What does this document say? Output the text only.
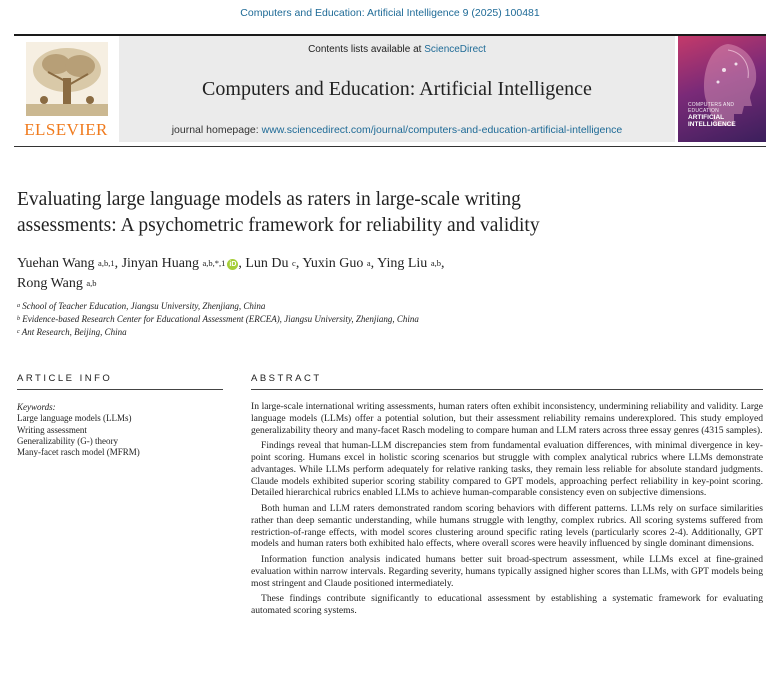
Computers and Education: Artificial Intelligence 9 (2025) 100481
ELSEVIER
Contents lists available at ScienceDirect
Computers and Education: Artificial Intelligence
journal homepage: www.sciencedirect.com/journal/computers-and-education-artificial-intelligence
COMPUTERS AND EDUCATION
ARTIFICIAL INTELLIGENCE
Evaluating large language models as raters in large-scale writing
assessments: A psychometric framework for reliability and validity
Yuehan Wang $^{a,b,1}$, Jinyan Huang $^{a,b,*,1}$ iD , Lun Du $^c$, Yuxin Guo $^a$, Ying Liu $^{a,b}$,
Rong Wang $^{a,b}$
$^a$ School of Teacher Education, Jiangsu University, Zhenjiang, China
$^b$ Evidence-based Research Center for Educational Assessment (ERCEA), Jiangsu University, Zhenjiang, China
$^c$ Ant Research, Beijing, China
ARTICLE INFO	ABSTRACT
Keywords:
Large language models (LLMs)
Writing assessment
Generalizability (G-) theory
Many-facet rasch model (MFRM)

In large-scale international writing assessments, human raters often exhibit inconsistency, undermining reliability and validity. Large language models (LLMs) offer a potential solution, but their assessment reliability remains underexplored. This study employed generalizability theory and many-facet Rasch modeling to compare human and LLM raters across three essay genres (4315 samples).

Findings reveal that human-LLM discrepancies stem from fundamental evaluation differences, with minimal divergence in key-point scoring. Humans excel in holistic scoring scenarios but struggle with complex analytical rubrics where LLMs demonstrate advantages. While LLMs perform adequately for relative ranking tasks, they remain less reliable for absolute standard judgments. Claude models exhibited superior scoring stability compared to GPT models, approaching perfect reliability in key-point scoring. Detailed hierarchical rubrics enabled LLMs to achieve human-comparable consistency even on subjective dimensions.

Both human and LLM raters demonstrated random scoring behaviors with different patterns. LLMs rely on surface similarities rather than deep semantic understanding, while humans struggle with lengthy, complex rubrics. All scoring systems suffered from restriction-of-range effects, with model scores clustering around specific rating levels (particularly scores 2-4). Additionally, GPT models and human raters both exhibited halo effects, where overall scores were heavily influenced by single dominant dimensions.

Information function analysis indicated humans better suit broad-spectrum assessment, while LLMs excel at fine-grained evaluation within narrow intervals. Regarding severity, humans typically assigned higher scores than LLMs, with GPT models being most stringent and Claude positioned intermediately.

These findings contribute significantly to educational assessment by establishing a systematic framework for evaluating automated scoring systems.
